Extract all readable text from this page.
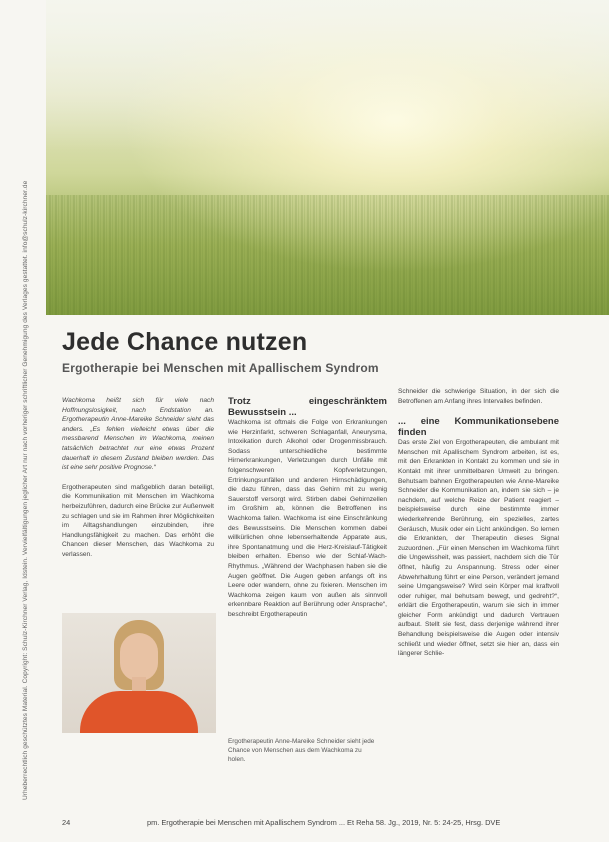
Urheberrechtlich geschütztes Material. Copyright: Schulz-Kirchner Verlag, Idstein. Vervielfältigungen jeglicher Art nur nach vorheriger schriftlicher Genehmigung des Verlages gestattet. info@schulz-kirchner.de Jede Chance nutzen
Ergotherapie bei Menschen mit Apallischem Syndrom

Wachkoma heißt sich für viele nach Hoffnungslosigkeit, nach Endstation an. Ergotherapeutin Anne-Mareike Schneider sieht das anders. „Es fehlen vielleicht etwas über die messbarend Menschen im Wachkoma, meinen tatsächlich betrachtet nur eine etwas Prozent dauerhaft in diesem Zustand bleiben werden. Das ist eine sehr positive Prognose.“

Ergotherapeuten sind maßgeblich daran beteiligt, die Kommunikation mit Menschen im Wachkoma herbeizuführen, dadurch eine Brücke zur Außenwelt zu schlagen und sie im Rahmen ihrer Möglichkeiten im Alltagshandlungen einzubinden, ihre Handlungsfähigkeit zu machen. Das erhöht die Chancen dieser Menschen, das Wachkoma zu verlassen.

Trotz eingeschränktem Bewusstsein ...

Wachkoma ist oftmals die Folge von Erkrankungen wie Herzinfarkt, schweren Schlaganfall, Aneurysma, Intoxikation durch Alkohol oder Drogenmissbrauch. Sodass unterschiedliche bestimmte Hirnerkrankungen, Verletzungen durch Unfälle mit folgenschweren Kopfverletzungen, Ertrinkungsunfällen und anderen Hirnschädigungen, die dazu führen, dass das Gehirn mit zu wenig Sauerstoff versorgt wird. Stirben dabei Gehirnzellen im Großhirn ab, können die Betroffenen ins Wachkoma fallen. Wachkoma ist eine Einschränkung des Bewusstseins. Die Menschen kommen dabei willkürlichen ohne lebenserhaltende Apparate aus, ihre Spontanatmung und die Herz-Kreislauf-Tätigkeit bleiben erhalten. Ebenso wie der Schlaf-Wach-Rhythmus. „Während der Wachphasen haben sie die Augen geöffnet. Die Augen geben anfangs oft ins Leere oder wandern, ohne zu fixieren. Menschen im Wachkoma zeigen kaum von außen als sinnvoll erkennbare Reaktion auf Berührung oder Ansprache“, beschreibt Ergotherapeutin

Ergotherapeutin Anne-Mareike Schneider sieht jede Chance von Menschen aus dem Wachkoma zu holen.

Schneider die schwierige Situation, in der sich die Betroffenen am Anfang ihres Intervalles befinden.

... eine Kommunikationsebene finden

Das erste Ziel von Ergotherapeuten, die ambulant mit Menschen mit Apallischem Syndrom arbeiten, ist es, mit den Erkrankten in Kontakt zu kommen und sie in Kontakt mit ihrer unmittelbaren Umwelt zu bringen. Behutsam bahnen Ergotherapeuten wie Anne-Mareike Schneider die Kommunikation an, indem sie sich – je nachdem, auf welche Reize der Patient reagiert – beispielsweise durch eine bestimmte immer wiederkehrende Berührung, ein spezielles, zartes Geräusch, Musik oder ein Licht ankündigen. So lernen die Erkrankten, der Therapeutin dieses Signal zuzuordnen. „Für einen Menschen im Wachkoma führt die Ungewissheit, was passiert, nachdem sich die Tür öffnet, häufig zu Anspannung. Stress oder einer Abwehrhaltung führt er eine Person, verändert jemand seine Umgangsweise? Wird sein Körper mal kraftvoll oder ruhiger, mal behutsam bewegt, und gedreht?“, erklärt die Ergotherapeutin, warum sie sich in immer gleicher Form ankündigt und dadurch Vertrauen aufbaut. Stellt sie fest, dass derjenige während ihrer Behandlung beispielsweise die Augen oder intensiv schließt und wieder öffnet, setzt sie hier an, dass ein längerer Schlie-

24	pm. Ergotherapie bei Menschen mit Apallischem Syndrom ... Et Reha 58. Jg., 2019, Nr. 5: 24-25, Hrsg. DVE
